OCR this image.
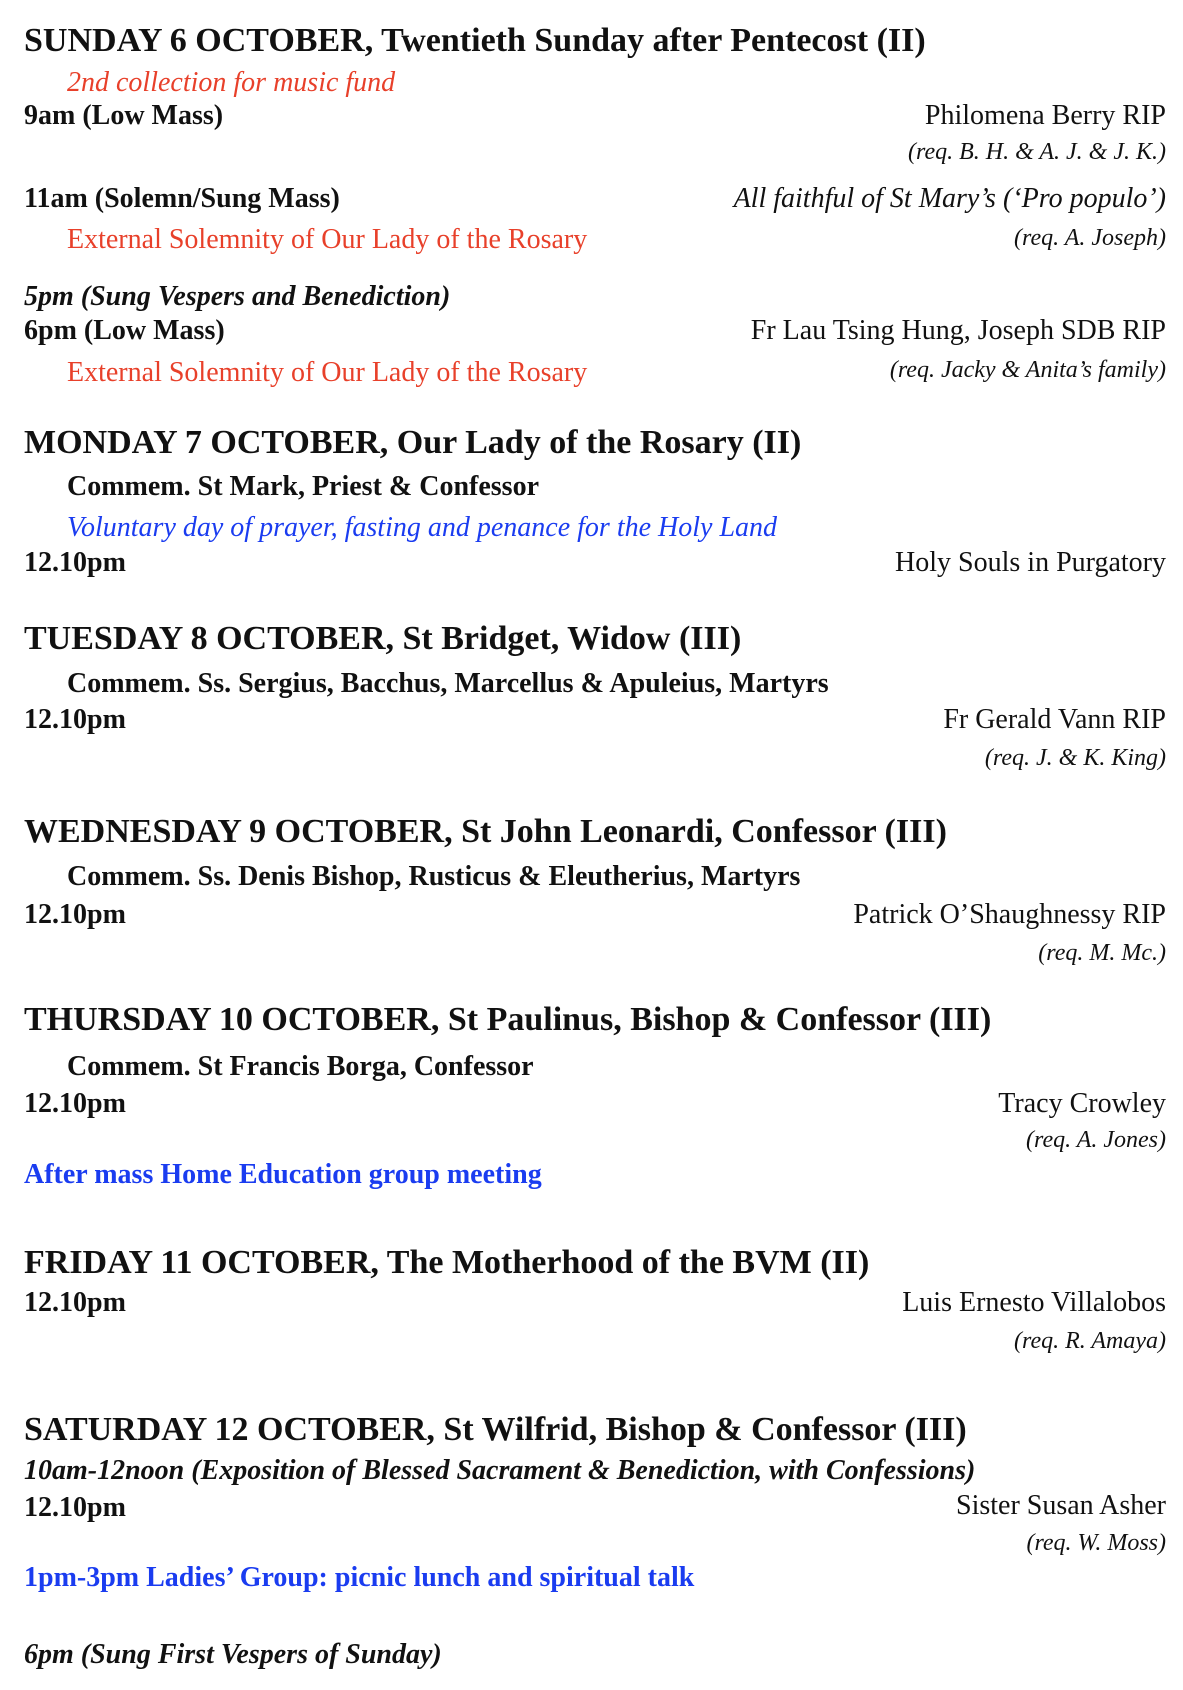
SUNDAY 6 OCTOBER, Twentieth Sunday after Pentecost (II)
2nd collection for music fund
9am (Low Mass)	Philomena Berry RIP
(req. B. H. & A. J. & J. K.)
11am (Solemn/Sung Mass)	All faithful of St Mary’s (‘Pro populo’)
External Solemnity of Our Lady of the Rosary	(req. A. Joseph)
5pm (Sung Vespers and Benediction)
6pm (Low Mass)	Fr Lau Tsing Hung, Joseph SDB RIP
External Solemnity of Our Lady of the Rosary	(req. Jacky & Anita’s family)
MONDAY 7 OCTOBER, Our Lady of the Rosary (II)
Commem. St Mark, Priest & Confessor
Voluntary day of prayer, fasting and penance for the Holy Land
12.10pm	Holy Souls in Purgatory
TUESDAY 8 OCTOBER, St Bridget, Widow (III)
Commem. Ss. Sergius, Bacchus, Marcellus & Apuleius, Martyrs
12.10pm	Fr Gerald Vann RIP
(req. J. & K. King)
WEDNESDAY 9 OCTOBER, St John Leonardi, Confessor (III)
Commem. Ss. Denis Bishop, Rusticus & Eleutherius, Martyrs
12.10pm	Patrick O’Shaughnessy RIP
(req. M. Mc.)
THURSDAY 10 OCTOBER, St Paulinus, Bishop & Confessor (III)
Commem. St Francis Borga, Confessor
12.10pm	Tracy Crowley
(req. A. Jones)
After mass Home Education group meeting
FRIDAY 11 OCTOBER, The Motherhood of the BVM (II)
12.10pm	Luis Ernesto Villalobos
(req. R. Amaya)
SATURDAY 12 OCTOBER, St Wilfrid, Bishop & Confessor (III)
10am-12noon (Exposition of Blessed Sacrament & Benediction, with Confessions)
12.10pm	Sister Susan Asher
(req. W. Moss)
1pm-3pm Ladies’ Group: picnic lunch and spiritual talk
6pm (Sung First Vespers of Sunday)
